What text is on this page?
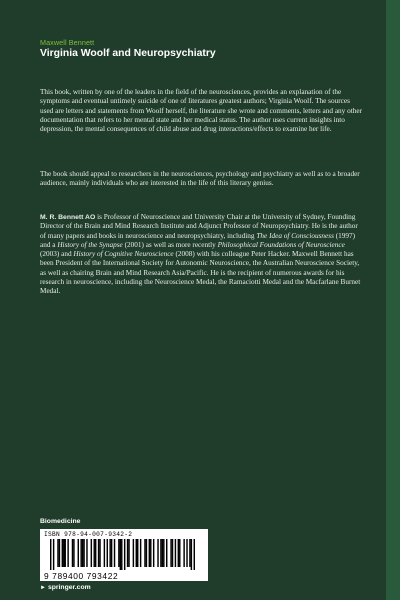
Maxwell Bennett
Virginia Woolf and Neuropsychiatry
This book, written by one of the leaders in the field of the neurosciences, provides an explanation of the symptoms and eventual untimely suicide of one of literatures greatest authors; Virginia Woolf. The sources used are letters and statements from Woolf herself, the literature she wrote and comments, letters and any other documentation that refers to her mental state and her medical status. The author uses current insights into depression, the mental consequences of child abuse and drug interactions/effects to examine her life.
The book should appeal to researchers in the neurosciences, psychology and psychiatry as well as to a broader audience, mainly individuals who are interested in the life of this literary genius.
M. R. Bennett AO is Professor of Neuroscience and University Chair at the University of Sydney, Founding Director of the Brain and Mind Research Institute and Adjunct Professor of Neuropsychiatry. He is the author of many papers and books in neuroscience and neuropsychiatry, including The Idea of Consciousness (1997) and a History of the Synapse (2001) as well as more recently Philosophical Foundations of Neuroscience (2003) and History of Cognitive Neuroscience (2008) with his colleague Peter Hacker. Maxwell Bennett has been President of the International Society for Autonomic Neuroscience, the Australian Neuroscience Society, as well as chairing Brain and Mind Research Asia/Pacific. He is the recipient of numerous awards for his research in neuroscience, including the Neuroscience Medal, the Ramaciotti Medal and the Macfarlane Burnet Medal.
Biomedicine
ISBN 978-94-007-9342-2
9 789400 793422
► springer.com
